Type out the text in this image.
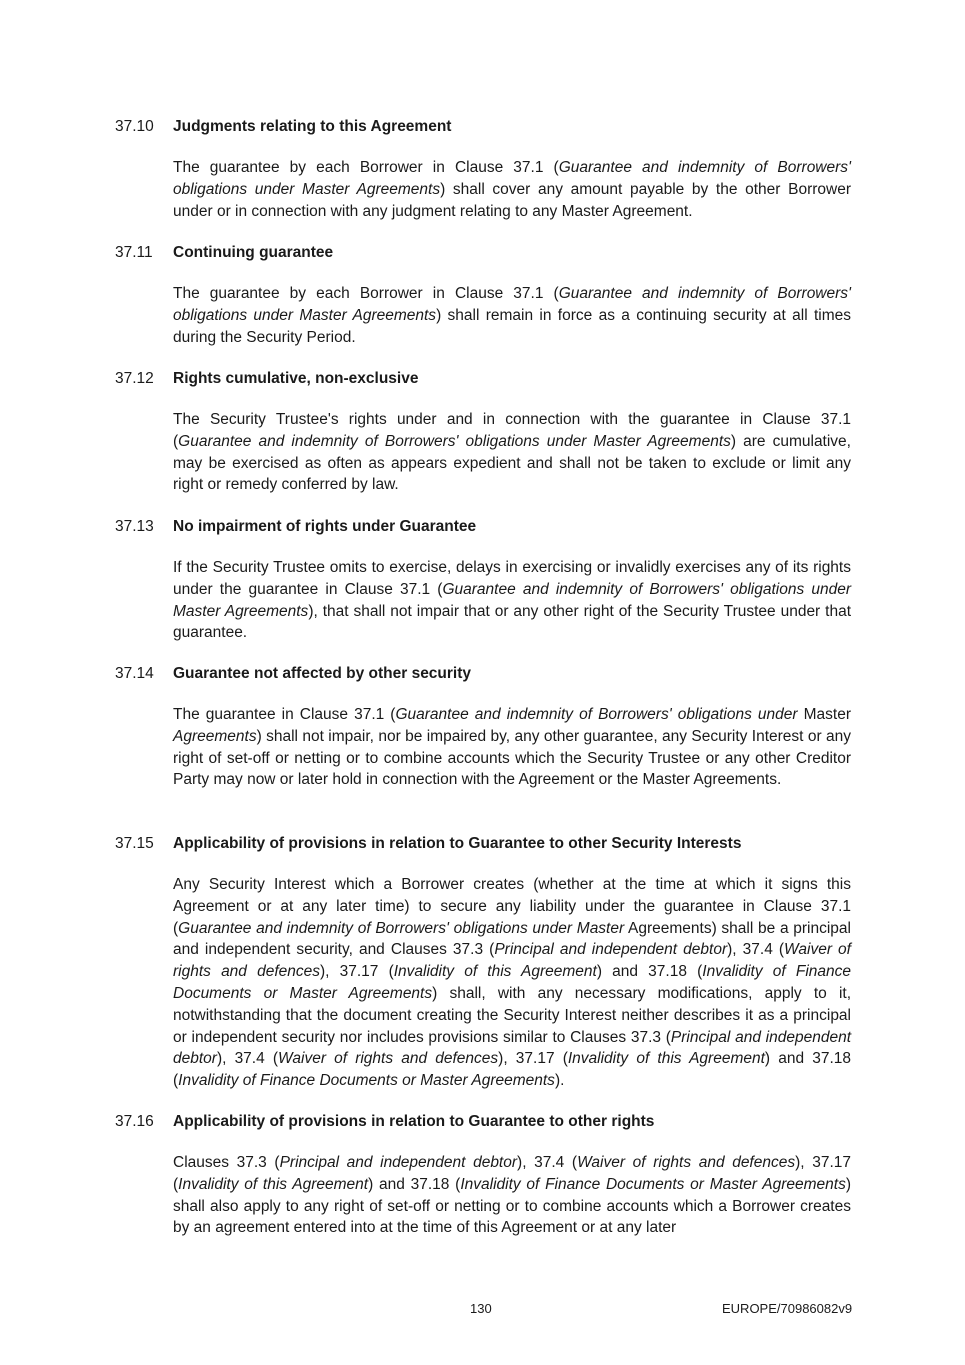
37.10 Judgments relating to this Agreement
The guarantee by each Borrower in Clause 37.1 (Guarantee and indemnity of Borrowers' obligations under Master Agreements) shall cover any amount payable by the other Borrower under or in connection with any judgment relating to any Master Agreement.
37.11 Continuing guarantee
The guarantee by each Borrower in Clause 37.1 (Guarantee and indemnity of Borrowers' obligations under Master Agreements) shall remain in force as a continuing security at all times during the Security Period.
37.12 Rights cumulative, non-exclusive
The Security Trustee's rights under and in connection with the guarantee in Clause 37.1 (Guarantee and indemnity of Borrowers' obligations under Master Agreements) are cumulative, may be exercised as often as appears expedient and shall not be taken to exclude or limit any right or remedy conferred by law.
37.13 No impairment of rights under Guarantee
If the Security Trustee omits to exercise, delays in exercising or invalidly exercises any of its rights under the guarantee in Clause 37.1 (Guarantee and indemnity of Borrowers' obligations under Master Agreements), that shall not impair that or any other right of the Security Trustee under that guarantee.
37.14 Guarantee not affected by other security
The guarantee in Clause 37.1 (Guarantee and indemnity of Borrowers' obligations under Master Agreements) shall not impair, nor be impaired by, any other guarantee, any Security Interest or any right of set-off or netting or to combine accounts which the Security Trustee or any other Creditor Party may now or later hold in connection with the Agreement or the Master Agreements.
37.15 Applicability of provisions in relation to Guarantee to other Security Interests
Any Security Interest which a Borrower creates (whether at the time at which it signs this Agreement or at any later time) to secure any liability under the guarantee in Clause 37.1 (Guarantee and indemnity of Borrowers' obligations under Master Agreements) shall be a principal and independent security, and Clauses 37.3 (Principal and independent debtor), 37.4 (Waiver of rights and defences), 37.17 (Invalidity of this Agreement) and 37.18 (Invalidity of Finance Documents or Master Agreements) shall, with any necessary modifications, apply to it, notwithstanding that the document creating the Security Interest neither describes it as a principal or independent security nor includes provisions similar to Clauses 37.3 (Principal and independent debtor), 37.4 (Waiver of rights and defences), 37.17 (Invalidity of this Agreement) and 37.18 (Invalidity of Finance Documents or Master Agreements).
37.16 Applicability of provisions in relation to Guarantee to other rights
Clauses 37.3 (Principal and independent debtor), 37.4 (Waiver of rights and defences), 37.17 (Invalidity of this Agreement) and 37.18 (Invalidity of Finance Documents or Master Agreements) shall also apply to any right of set-off or netting or to combine accounts which a Borrower creates by an agreement entered into at the time of this Agreement or at any later
130	EUROPE/70986082v9
